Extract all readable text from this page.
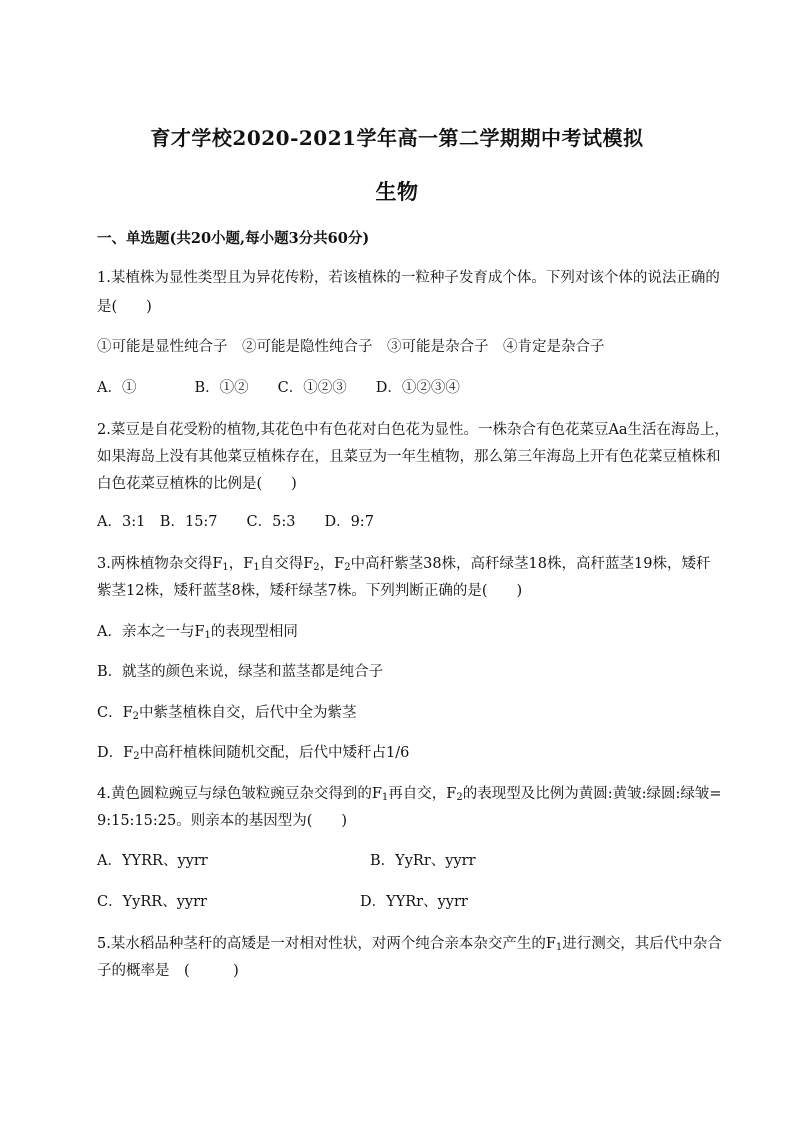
育才学校2020-2021学年高一第二学期期中考试模拟
生物
一、单选题(共20小题,每小题3分共60分)
1.某植株为显性类型且为异花传粉，若该植株的一粒种子发育成个体。下列对该个体的说法正确的
是(　　)
①可能是显性纯合子　②可能是隐性纯合子　③可能是杂合子　④肯定是杂合子
A．①　　　　B．①②　　C．①②③　　D．①②③④
2.菜豆是自花受粉的植物,其花色中有色花对白色花为显性。一株杂合有色花菜豆Aa生活在海岛上，
如果海岛上没有其他菜豆植株存在，且菜豆为一年生植物，那么第三年海岛上开有色花菜豆植株和
白色花菜豆植株的比例是(　　)
A．3:1　B．15:7　　C．5:3　　D．9:7
3.两株植物杂交得$F_1$，$F_1$自交得$F_2$，$F_2$中高秆紫茎38株，高秆绿茎18株，高秆蓝茎19株，矮秆
紫茎12株，矮秆蓝茎8株，矮秆绿茎7株。下列判断正确的是(　　)
A．亲本之一与$F_1$的表现型相同
B．就茎的颜色来说，绿茎和蓝茎都是纯合子
C．$F_2$中紫茎植株自交，后代中全为紫茎
D．$F_2$中高秆植株间随机交配，后代中矮秆占1/6
4.黄色圆粒豌豆与绿色皱粒豌豆杂交得到的$F_1$再自交，$F_2$的表现型及比例为黄圆:黄皱:绿圆:绿皱=
9:15:15:25。则亲本的基因型为(　　)
A．YYRR、yyrr	B．YyRr、yyrr
C．YyRR、yyrr	D．YYRr、yyrr
5.某水稻品种茎秆的高矮是一对相对性状，对两个纯合亲本杂交产生的$F_1$进行测交，其后代中杂合
子的概率是　(　　　)
